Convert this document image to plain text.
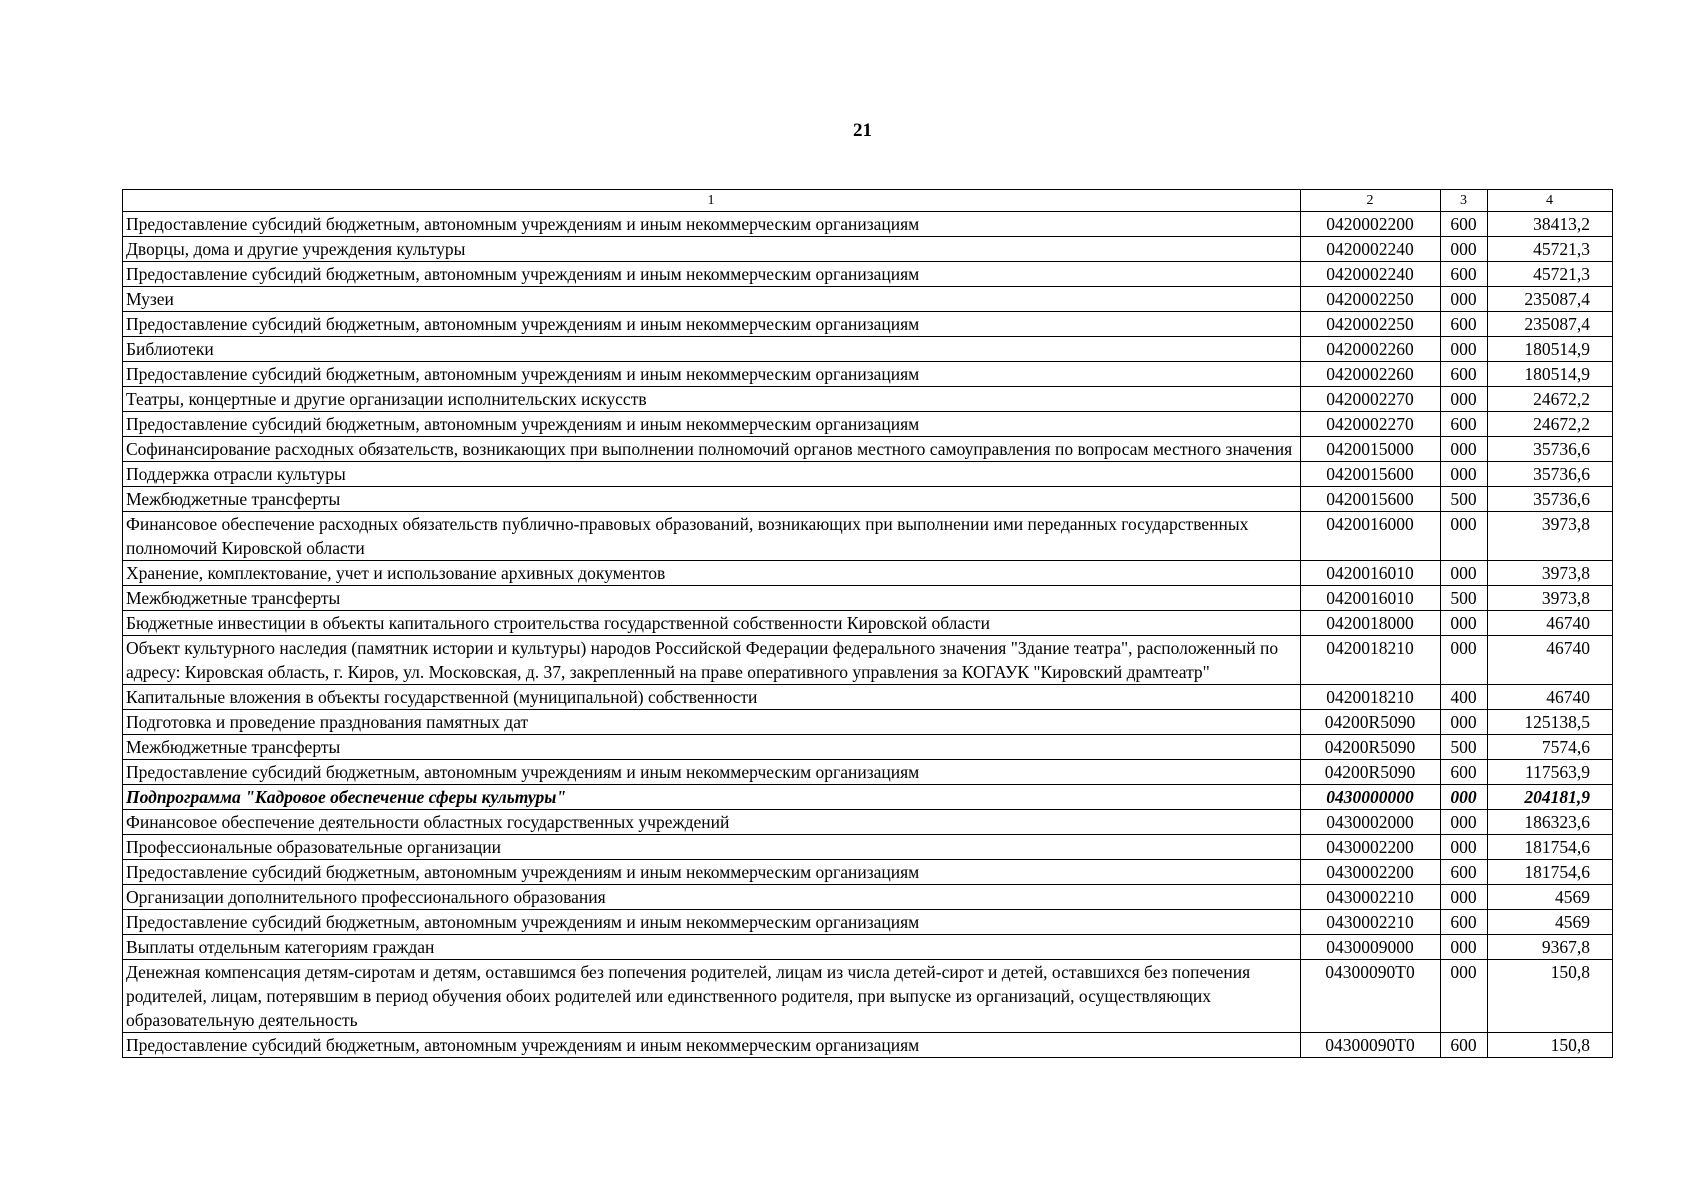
21
1	2	3	4
Предоставление субсидий бюджетным, автономным учреждениям и иным некоммерческим организациям	0420002200	600	38413,2
Дворцы, дома и другие учреждения культуры	0420002240	000	45721,3
Предоставление субсидий бюджетным, автономным учреждениям и иным некоммерческим организациям	0420002240	600	45721,3
Музеи	0420002250	000	235087,4
Предоставление субсидий бюджетным, автономным учреждениям и иным некоммерческим организациям	0420002250	600	235087,4
Библиотеки	0420002260	000	180514,9
Предоставление субсидий бюджетным, автономным учреждениям и иным некоммерческим организациям	0420002260	600	180514,9
Театры, концертные и другие организации исполнительских искусств	0420002270	000	24672,2
Предоставление субсидий бюджетным, автономным учреждениям и иным некоммерческим организациям	0420002270	600	24672,2
Софинансирование расходных обязательств, возникающих при выполнении полномочий органов местного самоуправления по вопросам местного значения	0420015000	000	35736,6
Поддержка отрасли культуры	0420015600	000	35736,6
Межбюджетные трансферты	0420015600	500	35736,6
Финансовое обеспечение расходных обязательств публично-правовых образований, возникающих при выполнении ими переданных государственных полномочий Кировской области	0420016000	000	3973,8
Хранение, комплектование, учет и использование архивных документов	0420016010	000	3973,8
Межбюджетные трансферты	0420016010	500	3973,8
Бюджетные инвестиции в объекты капитального строительства государственной собственности Кировской области	0420018000	000	46740
Объект культурного наследия (памятник истории и культуры) народов Российской Федерации федерального значения "Здание театра", расположенный по адресу: Кировская область, г. Киров, ул. Московская, д. 37, закрепленный на праве оперативного управления за КОГАУК "Кировский драмтеатр"	0420018210	000	46740
Капитальные вложения в объекты государственной (муниципальной) собственности	0420018210	400	46740
Подготовка и проведение празднования памятных дат	04200R5090	000	125138,5
Межбюджетные трансферты	04200R5090	500	7574,6
Предоставление субсидий бюджетным, автономным учреждениям и иным некоммерческим организациям	04200R5090	600	117563,9
Подпрограмма "Кадровое обеспечение сферы культуры"	0430000000	000	204181,9
Финансовое обеспечение деятельности областных государственных учреждений	0430002000	000	186323,6
Профессиональные образовательные организации	0430002200	000	181754,6
Предоставление субсидий бюджетным, автономным учреждениям и иным некоммерческим организациям	0430002200	600	181754,6
Организации дополнительного профессионального образования	0430002210	000	4569
Предоставление субсидий бюджетным, автономным учреждениям и иным некоммерческим организациям	0430002210	600	4569
Выплаты отдельным категориям граждан	0430009000	000	9367,8
Денежная компенсация детям-сиротам и детям, оставшимся без попечения родителей, лицам из числа детей-сирот и детей, оставшихся без попечения родителей, лицам, потерявшим в период обучения обоих родителей или единственного родителя, при выпуске из организаций, осуществляющих образовательную деятельность	04300090Т0	000	150,8
Предоставление субсидий бюджетным, автономным учреждениям и иным некоммерческим организациям	04300090Т0	600	150,8
